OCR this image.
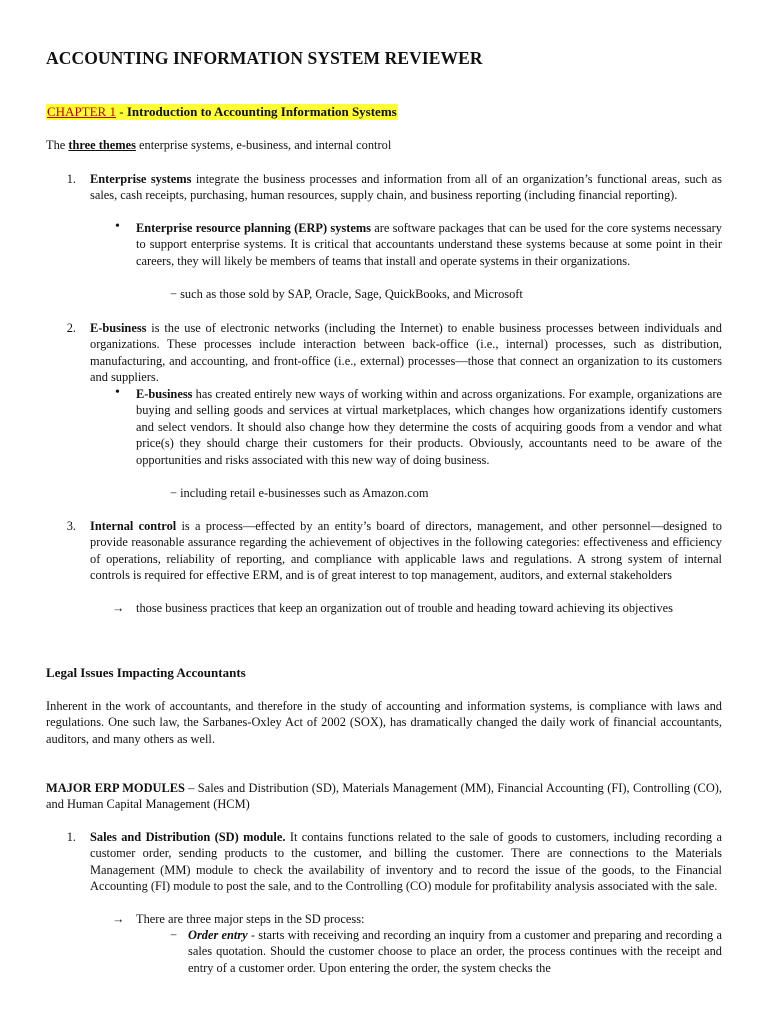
ACCOUNTING INFORMATION SYSTEM REVIEWER
CHAPTER 1 - Introduction to Accounting Information Systems
The three themes enterprise systems, e-business, and internal control
1. Enterprise systems integrate the business processes and information from all of an organization’s functional areas, such as sales, cash receipts, purchasing, human resources, supply chain, and business reporting (including financial reporting).
• Enterprise resource planning (ERP) systems are software packages that can be used for the core systems necessary to support enterprise systems. It is critical that accountants understand these systems because at some point in their careers, they will likely be members of teams that install and operate systems in their organizations.
− such as those sold by SAP, Oracle, Sage, QuickBooks, and Microsoft
2. E-business is the use of electronic networks (including the Internet) to enable business processes between individuals and organizations. These processes include interaction between back-office (i.e., internal) processes, such as distribution, manufacturing, and accounting, and front-office (i.e., external) processes—those that connect an organization to its customers and suppliers.
• E-business has created entirely new ways of working within and across organizations. For example, organizations are buying and selling goods and services at virtual marketplaces, which changes how organizations identify customers and select vendors. It should also change how they determine the costs of acquiring goods from a vendor and what price(s) they should charge their customers for their products. Obviously, accountants need to be aware of the opportunities and risks associated with this new way of doing business.
− including retail e-businesses such as Amazon.com
3. Internal control is a process—effected by an entity’s board of directors, management, and other personnel—designed to provide reasonable assurance regarding the achievement of objectives in the following categories: effectiveness and efficiency of operations, reliability of reporting, and compliance with applicable laws and regulations. A strong system of internal controls is required for effective ERM, and is of great interest to top management, auditors, and external stakeholders
→ those business practices that keep an organization out of trouble and heading toward achieving its objectives
Legal Issues Impacting Accountants
Inherent in the work of accountants, and therefore in the study of accounting and information systems, is compliance with laws and regulations. One such law, the Sarbanes-Oxley Act of 2002 (SOX), has dramatically changed the daily work of financial accountants, auditors, and many others as well.
MAJOR ERP MODULES – Sales and Distribution (SD), Materials Management (MM), Financial Accounting (FI), Controlling (CO), and Human Capital Management (HCM)
1. Sales and Distribution (SD) module. It contains functions related to the sale of goods to customers, including recording a customer order, sending products to the customer, and billing the customer. There are connections to the Materials Management (MM) module to check the availability of inventory and to record the issue of the goods, to the Financial Accounting (FI) module to post the sale, and to the Controlling (CO) module for profitability analysis associated with the sale.
→ There are three major steps in the SD process:
− Order entry - starts with receiving and recording an inquiry from a customer and preparing and recording a sales quotation. Should the customer choose to place an order, the process continues with the receipt and entry of a customer order. Upon entering the order, the system checks the
